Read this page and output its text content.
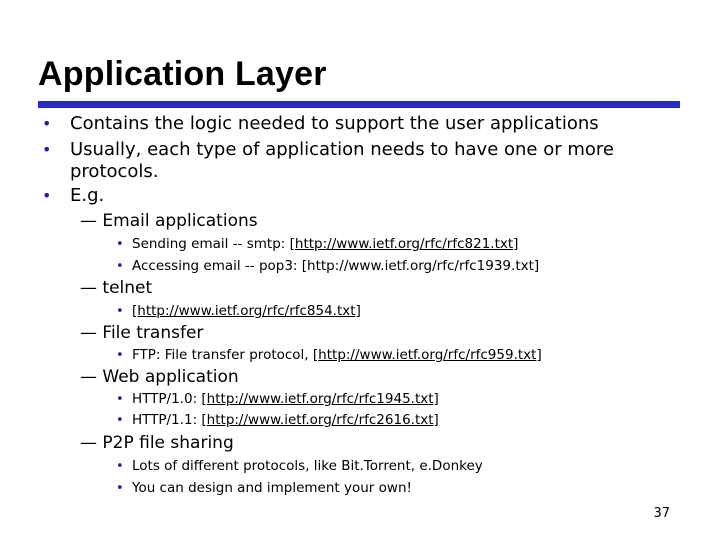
Application Layer
• Contains the logic needed to support the user applications
• Usually, each type of application needs to have one or more
protocols.
• E.g.
— Email applications
• Sending email -- smtp: [http://www.ietf.org/rfc/rfc821.txt]
• Accessing email -- pop3: [http://www.ietf.org/rfc/rfc1939.txt]
— telnet
• [http://www.ietf.org/rfc/rfc854.txt]
— File transfer
• FTP: File transfer protocol, [http://www.ietf.org/rfc/rfc959.txt]
— Web application
• HTTP/1.0: [http://www.ietf.org/rfc/rfc1945.txt]
• HTTP/1.1: [http://www.ietf.org/rfc/rfc2616.txt]
— P2P file sharing
• Lots of different protocols, like Bit.Torrent, e.Donkey
• You can design and implement your own!
37
